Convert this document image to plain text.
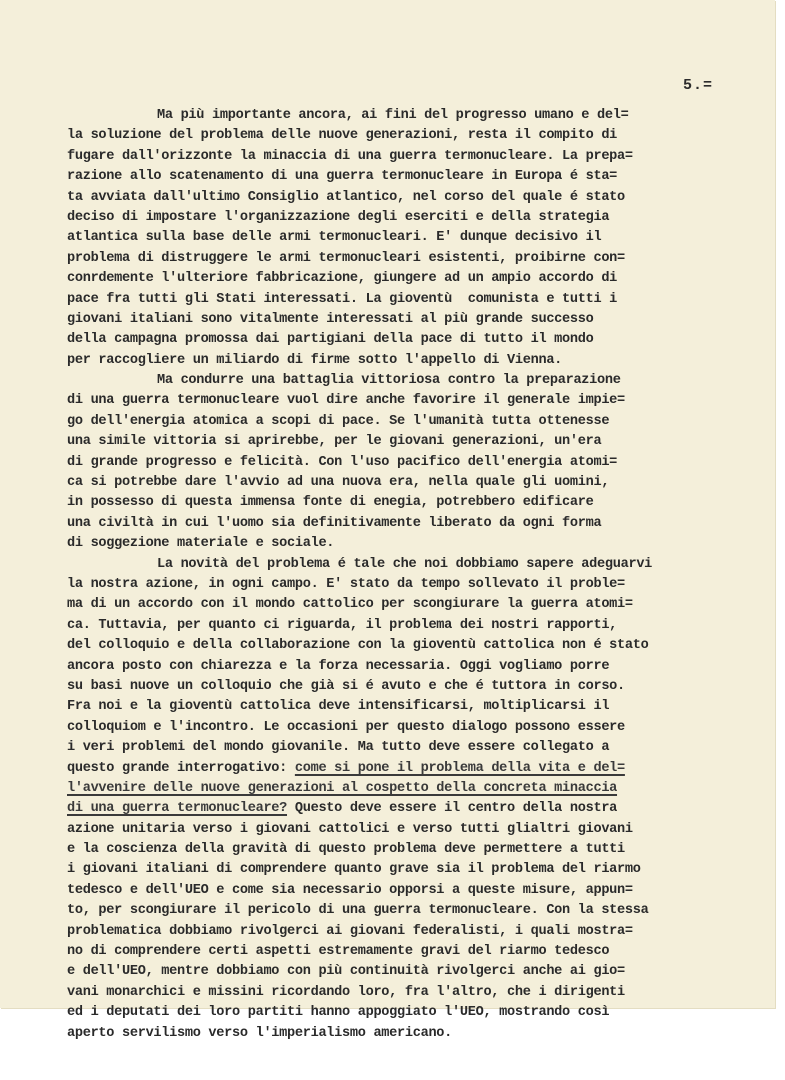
5.=
Ma più importante ancora, ai fini del progresso umano e del=
la soluzione del problema delle nuove generazioni, resta il compito di
fugare dall'orizzonte la minaccia di una guerra termonucleare. La prepa=
razione allo scatenamento di una guerra termonucleare in Europa é sta=
ta avviata dall'ultimo Consiglio atlantico, nel corso del quale é stato
deciso di impostare l'organizzazione degli eserciti e della strategia
atlantica sulla base delle armi termonucleari. E' dunque decisivo il
problema di distruggere le armi termonucleari esistenti, proibirne con=
conrdemente l'ulteriore fabbricazione, giungere ad un ampio accordo di
pace fra tutti gli Stati interessati. La gioventù  comunista e tutti i
giovani italiani sono vitalmente interessati al più grande successo
della campagna promossa dai partigiani della pace di tutto il mondo
per raccogliere un miliardo di firme sotto l'appello di Vienna.
Ma condurre una battaglia vittoriosa contro la preparazione
di una guerra termonucleare vuol dire anche favorire il generale impie=
go dell'energia atomica a scopi di pace. Se l'umanità tutta ottenesse
una simile vittoria si aprirebbe, per le giovani generazioni, un'era
di grande progresso e felicità. Con l'uso pacifico dell'energia atomi=
ca si potrebbe dare l'avvio ad una nuova era, nella quale gli uomini,
in possesso di questa immensa fonte di enegia, potrebbero edificare
una civiltà in cui l'uomo sia definitivamente liberato da ogni forma
di soggezione materiale e sociale.
La novità del problema é tale che noi dobbiamo sapere adeguarvi
la nostra azione, in ogni campo. E' stato da tempo sollevato il proble=
ma di un accordo con il mondo cattolico per scongiurare la guerra atomi=
ca. Tuttavia, per quanto ci riguarda, il problema dei nostri rapporti,
del colloquio e della collaborazione con la gioventù cattolica non é stato
ancora posto con chiarezza e la forza necessaria. Oggi vogliamo porre
su basi nuove un colloquio che già si é avuto e che é tuttora in corso.
Fra noi e la gioventù cattolica deve intensificarsi, moltiplicarsi il
colloquiom e l'incontro. Le occasioni per questo dialogo possono essere
i veri problemi del mondo giovanile. Ma tutto deve essere collegato a
questo grande interrogativo: come si pone il problema della vita e del=
l'avvenire delle nuove generazioni al cospetto della concreta minaccia
di una guerra termonucleare? Questo deve essere il centro della nostra
azione unitaria verso i giovani cattolici e verso tutti glialtri giovani
e la coscienza della gravità di questo problema deve permettere a tutti
i giovani italiani di comprendere quanto grave sia il problema del riarmo
tedesco e dell'UEO e come sia necessario opporsi a queste misure, appun=
to, per scongiurare il pericolo di una guerra termonucleare. Con la stessa
problematica dobbiamo rivolgerci ai giovani federalisti, i quali mostra=
no di comprendere certi aspetti estremamente gravi del riarmo tedesco
e dell'UEO, mentre dobbiamo con più continuità rivolgerci anche ai gio=
vani monarchici e missini ricordando loro, fra l'altro, che i dirigenti
ed i deputati dei loro partiti hanno appoggiato l'UEO, mostrando così
aperto servilismo verso l'imperialismo americano.
